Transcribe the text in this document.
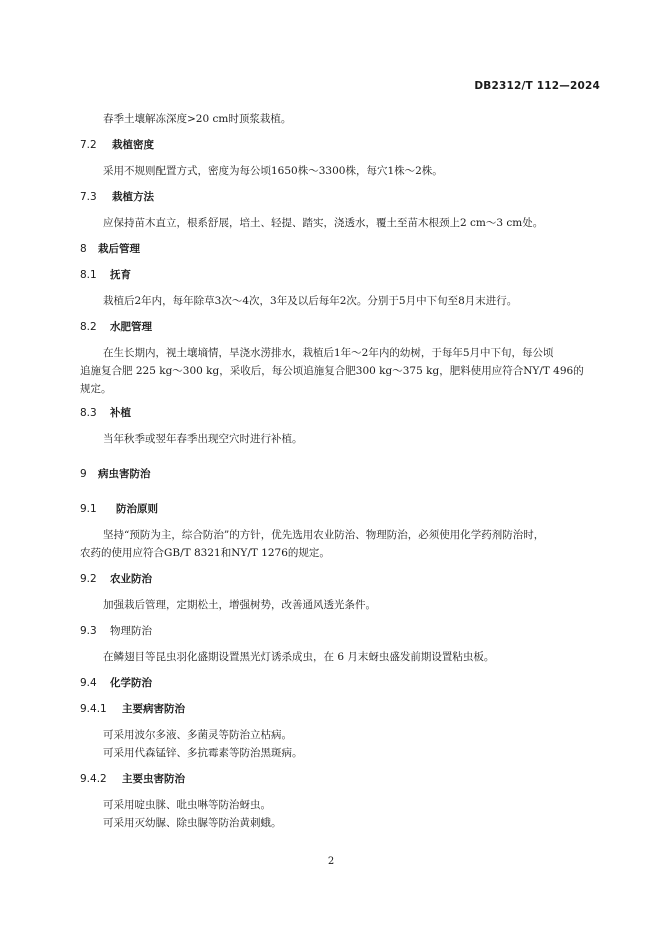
DB2312/T 112—2024
春季土壤解冻深度>20 cm时顶浆栽植。
7.2 栽植密度
采用不规则配置方式，密度为每公顷1650株～3300株，每穴1株～2株。
7.3 栽植方法
应保持苗木直立，根系舒展，培土、轻提、踏实，浇透水，覆土至苗木根颈上2 cm～3 cm处。
8 栽后管理
8.1 抚育
栽植后2年内，每年除草3次～4次，3年及以后每年2次。分别于5月中下旬至8月末进行。
8.2 水肥管理
在生长期内，视土壤墒情，旱浇水涝排水，栽植后1年～2年内的幼树，于每年5月中下旬，每公顷
追施复合肥 225 kg～300 kg，采收后，每公顷追施复合肥300 kg～375 kg，肥料使用应符合NY/T 496的
规定。
8.3 补植
当年秋季或翌年春季出现空穴时进行补植。
9 病虫害防治
9.1 防治原则
坚持“预防为主，综合防治”的方针，优先选用农业防治、物理防治，必须使用化学药剂防治时，
农药的使用应符合GB/T 8321和NY/T 1276的规定。
9.2 农业防治
加强栽后管理，定期松土，增强树势，改善通风透光条件。
9.3 物理防治
在鳞翅目等昆虫羽化盛期设置黑光灯诱杀成虫，在 6 月末蚜虫盛发前期设置粘虫板。
9.4 化学防治
9.4.1 主要病害防治
可采用波尔多液、多菌灵等防治立枯病。
可采用代森锰锌、多抗霉素等防治黑斑病。
9.4.2 主要虫害防治
可采用啶虫脒、吡虫啉等防治蚜虫。
可采用灭幼脲、除虫脲等防治黄刺蛾。
2
